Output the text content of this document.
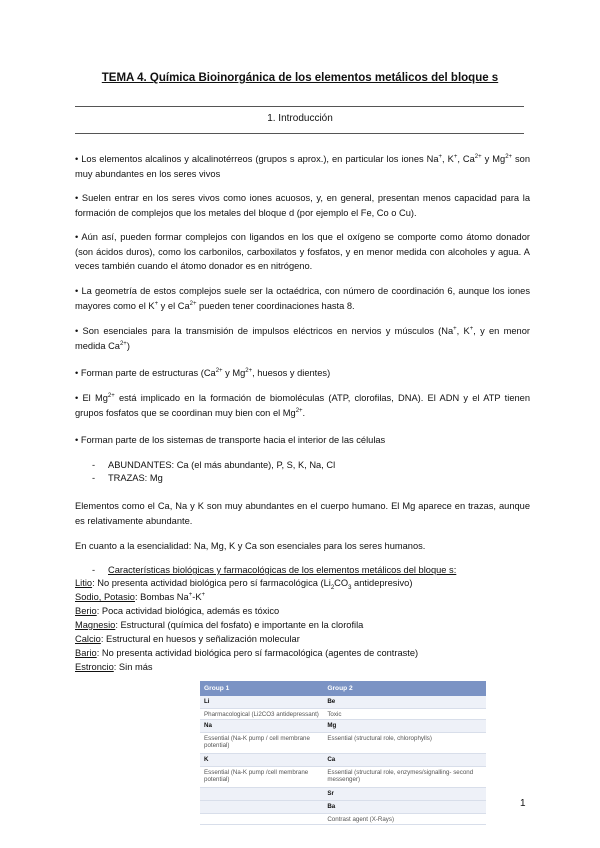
TEMA 4. Química Bioinorgánica de los elementos metálicos del bloque s
1. Introducción
• Los elementos alcalinos y alcalinotérreos (grupos s aprox.), en particular los iones Na+, K+, $Ca^{2+}$ y $Mg^{2+}$ son muy abundantes en los seres vivos
• Suelen entrar en los seres vivos como iones acuosos, y, en general, presentan menos capacidad para la formación de complejos que los metales del bloque d (por ejemplo el Fe, Co o Cu).
• Aún así, pueden formar complejos con ligandos en los que el oxígeno se comporte como átomo donador (son ácidos duros), como los carbonilos, carboxilatos y fosfatos, y en menor medida con alcoholes y agua. A veces también cuando el átomo donador es en nitrógeno.
• La geometría de estos complejos suele ser la octaédrica, con número de coordinación 6, aunque los iones mayores como el K+ y el $Ca^{2+}$ pueden tener coordinaciones hasta 8.
• Son esenciales para la transmisión de impulsos eléctricos en nervios y músculos (Na+, K+, y en menor medida $Ca^{2+}$)
• Forman parte de estructuras ($Ca^{2+}$ y $Mg^{2+}$, huesos y dientes)
• El $Mg^{2+}$ está implicado en la formación de biomoléculas (ATP, clorofilas, DNA). El ADN y el ATP tienen grupos fosfatos que se coordinan muy bien con el $Mg^{2+}$.
• Forman parte de los sistemas de transporte hacia el interior de las células
- ABUNDANTES: Ca (el más abundante), P, S, K, Na, Cl
- TRAZAS: Mg
Elementos como el Ca, Na y K son muy abundantes en el cuerpo humano. El Mg aparece en trazas, aunque es relativamente abundante.
En cuanto a la esencialidad: Na, Mg, K y Ca son esenciales para los seres humanos.
- Características biológicas y farmacológicas de los elementos metálicos del bloque s:
Litio: No presenta actividad biológica pero sí farmacológica ($Li_2CO_3$ antidepresivo)
Sodio, Potasio: Bombas Na+-K+
Berio: Poca actividad biológica, además es tóxico
Magnesio: Estructural (química del fosfato) e importante en la clorofila
Calcio: Estructural en huesos y señalización molecular
Bario: No presenta actividad biológica pero sí farmacológica (agentes de contraste)
Estroncio: Sin más
Group 1	Group 2
Li	Be
Pharmacological (Li2CO3 antidepressant)	Toxic
Na	Mg
Essential (Na-K pump / cell membrane potential)	Essential (structural role, chlorophylls)
K	Ca
Essential (Na-K pump /cell membrane potential)	Essential (structural role, enzymes/signalling- second messenger)
	Sr
	Ba
	Contrast agent (X-Rays)
1
